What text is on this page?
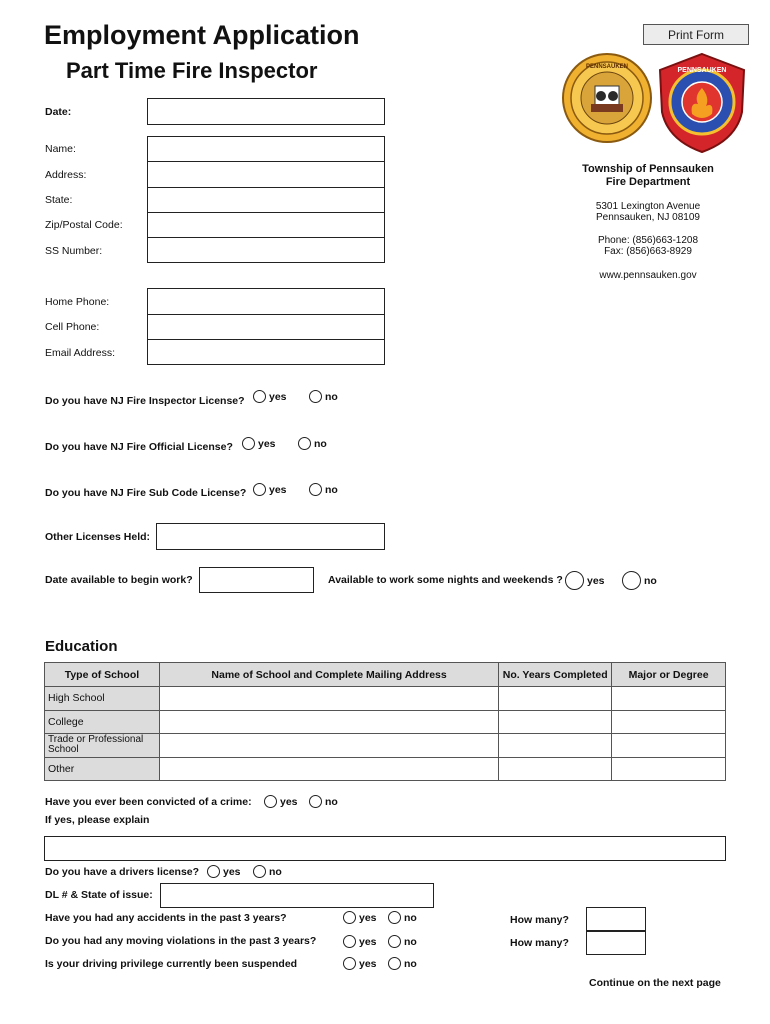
Employment Application
Part Time Fire Inspector
Print Form
PENNSAUKEN	PENNSAUKEN
Township of Pennsauken
Fire Department
5301 Lexington Avenue
Pennsauken, NJ 08109
Phone: (856)663-1208
Fax: (856)663-8929
www.pennsauken.gov
Date:
Name:
Address:
State:
Zip/Postal Code:
SS Number:
Home Phone:
Cell Phone:
Email Address:
Do you have NJ Fire Inspector License? yes	no
Do you have NJ Fire Official License? yes	no
Do you have NJ Fire Sub Code License? yes	no
Other Licenses Held:
Date available to begin work?	Available to work some nights and weekends ? yes	no
Education
Type of School	Name of School and Complete Mailing Address	No. Years Completed	Major or Degree
High School			
College			
Trade or Professional School			
Other			
Have you ever been convicted of a crime:	yes	no
If yes, please explain
Do you have a drivers license? yes	no
DL # & State of issue:
Have you had any accidents in the past 3 years?	yes	no	How many?
Do you had any moving violations in the past 3 years?	yes	no	How many?
Is your driving privilege currently been suspended	yes	no
Continue on the next page
